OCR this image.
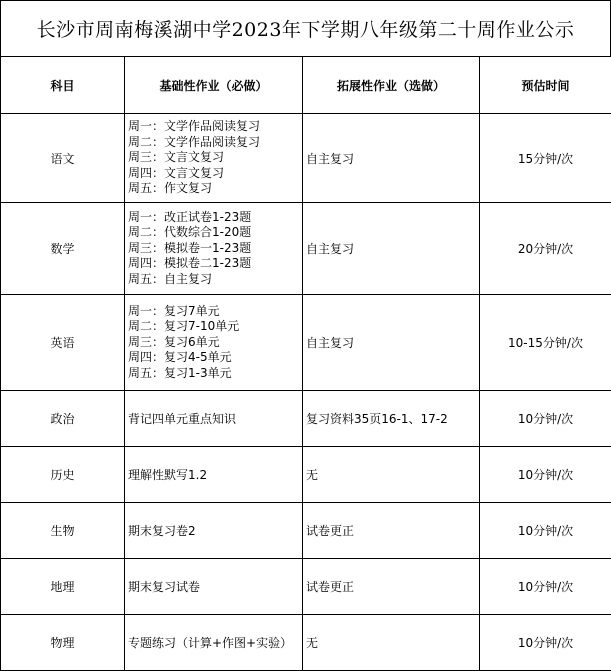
长沙市周南梅溪湖中学2023年下学期八年级第二十周作业公示
科目	基础性作业（必做）	拓展性作业（选做）	预估时间
语文	周一：文学作品阅读复习
周二：文学作品阅读复习
周三：文言文复习
周四：文言文复习
周五：作文复习	自主复习	15分钟/次
数学	周一：改正试卷1-23题
周二：代数综合1-20题
周三：模拟卷一1-23题
周四：模拟卷二1-23题
周五：自主复习	自主复习	20分钟/次
英语	周一：复习7单元
周二：复习7-10单元
周三：复习6单元
周四：复习4-5单元
周五：复习1-3单元	自主复习	10-15分钟/次
政治	背记四单元重点知识	复习资料35页16-1、17-2	10分钟/次
历史	理解性默写1.2	无	10分钟/次
生物	期末复习卷2	试卷更正	10分钟/次
地理	期末复习试卷	试卷更正	10分钟/次
物理	专题练习（计算+作图+实验）	无	10分钟/次
